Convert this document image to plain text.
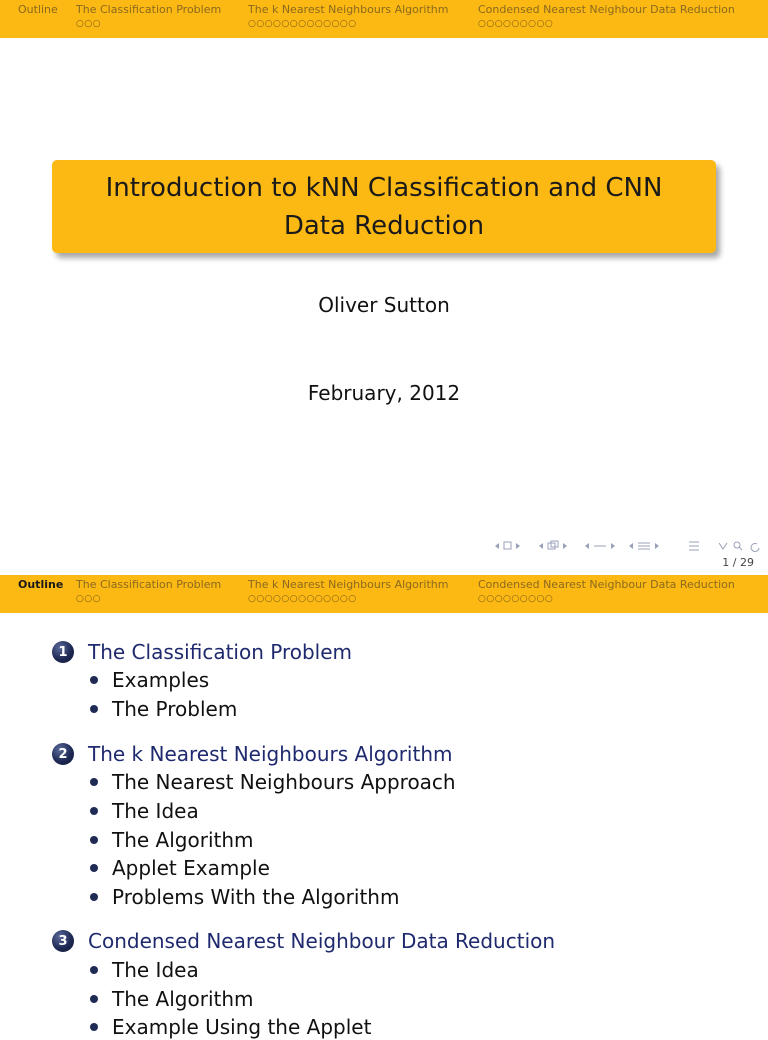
Outline The Classification Problem
○○○
The k Nearest Neighbours Algorithm
○○○○○○○○○○○○○
Condensed Nearest Neighbour Data Reduction
○○○○○○○○○
Introduction to kNN Classification and CNN Data Reduction
Oliver Sutton
February, 2012
1 / 29
Outline The Classification Problem
○○○
The k Nearest Neighbours Algorithm
○○○○○○○○○○○○○
Condensed Nearest Neighbour Data Reduction
○○○○○○○○○
1	The Classification Problem
Examples
The Problem
2	The k Nearest Neighbours Algorithm
The Nearest Neighbours Approach
The Idea
The Algorithm
Applet Example
Problems With the Algorithm
3	Condensed Nearest Neighbour Data Reduction
The Idea
The Algorithm
Example Using the Applet
